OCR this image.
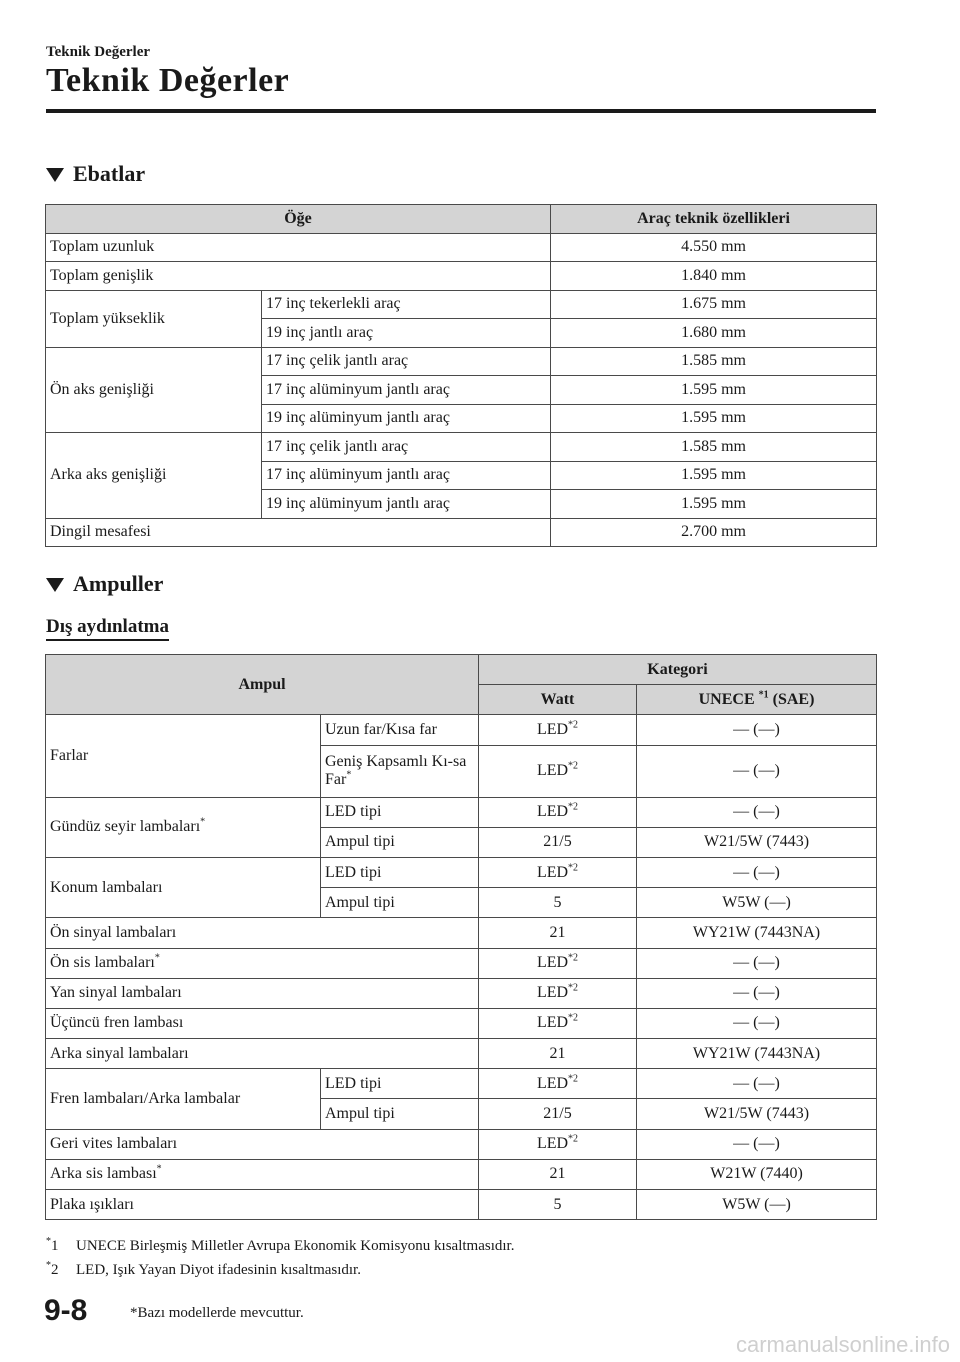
Teknik Değerler
Teknik Değerler
Ebatlar
Öğe		Araç teknik özellikleri
Toplam uzunluk		4.550 mm
Toplam genişlik		1.840 mm
Toplam yükseklik	17 inç tekerlekli araç	1.675 mm
	19 inç jantlı araç	1.680 mm
Ön aks genişliği	17 inç çelik jantlı araç	1.585 mm
	17 inç alüminyum jantlı araç	1.595 mm
	19 inç alüminyum jantlı araç	1.595 mm
Arka aks genişliği	17 inç çelik jantlı araç	1.585 mm
	17 inç alüminyum jantlı araç	1.595 mm
	19 inç alüminyum jantlı araç	1.595 mm
Dingil mesafesi		2.700 mm
Ampuller
Dış aydınlatma
Ampul		Kategori	
		Watt	UNECE $^{*1}$ (SAE)
Farlar	Uzun far/Kısa far	LED$^{*2}$	— (—)
	Geniş Kapsamlı Kı-sa Far*	LED$^{*2}$	— (—)
Gündüz seyir lambaları*	LED tipi	LED$^{*2}$	— (—)
	Ampul tipi	21/5	W21/5W (7443)
Konum lambaları	LED tipi	LED$^{*2}$	— (—)
	Ampul tipi	5	W5W (—)
Ön sinyal lambaları		21	WY21W (7443NA)
Ön sis lambaları*		LED$^{*2}$	— (—)
Yan sinyal lambaları		LED$^{*2}$	— (—)
Üçüncü fren lambası		LED$^{*2}$	— (—)
Arka sinyal lambaları		21	WY21W (7443NA)
Fren lambaları/Arka lambalar	LED tipi	LED$^{*2}$	— (—)
	Ampul tipi	21/5	W21/5W (7443)
Geri vites lambaları		LED$^{*2}$	— (—)
Arka sis lambası*		21	W21W (7440)
Plaka ışıkları		5	W5W (—)
*1 UNECE Birleşmiş Milletler Avrupa Ekonomik Komisyonu kısaltmasıdır.
*2 LED, Işık Yayan Diyot ifadesinin kısaltmasıdır.
9-8	*Bazı modellerde mevcuttur.
carmanualsonline.info
